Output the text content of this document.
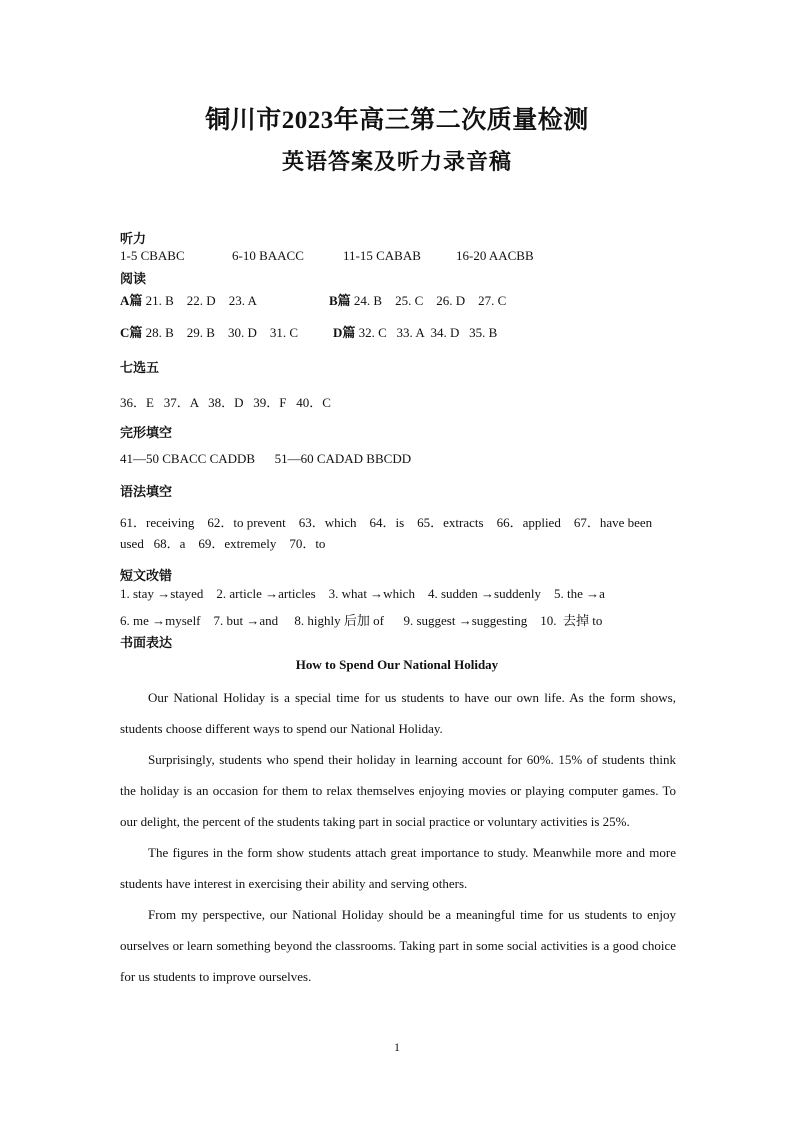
铜川市2023年高三第二次质量检测
英语答案及听力录音稿
听力
1-5 CBABC	6-10 BAACC	11-15 CABAB	16-20 AACBB
阅读
A篇 21. B    22. D    23. A	B篇 24. B    25. C    26. D    27. C
C篇 28. B    29. B    30. D    31. C	D篇 32. C   33. A  34. D   35. B
七选五
36．E   37．A   38．D   39．F   40．C
完形填空
41—50 CBACC CADDB      51—60 CADAD BBCDD
语法填空
61．receiving    62．to prevent    63．which    64．is    65．extracts    66．applied    67．have been
used   68．a    69．extremely    70．to
短文改错
1. stay →stayed    2. article →articles    3. what →which    4. sudden →suddenly    5. the →a
6. me →myself    7. but →and     8. highly 后加 of      9. suggest →suggesting    10.  去掉 to
书面表达
How to Spend Our National Holiday

Our National Holiday is a special time for us students to have our own life. As the form shows, students choose different ways to spend our National Holiday.

Surprisingly, students who spend their holiday in learning account for 60%. 15% of students think the holiday is an occasion for them to relax themselves enjoying movies or playing computer games. To our delight, the percent of the students taking part in social practice or voluntary activities is 25%.

The figures in the form show students attach great importance to study. Meanwhile more and more students have interest in exercising their ability and serving others.

From my perspective, our National Holiday should be a meaningful time for us students to enjoy ourselves or learn something beyond the classrooms. Taking part in some social activities is a good choice for us students to improve ourselves.

1
